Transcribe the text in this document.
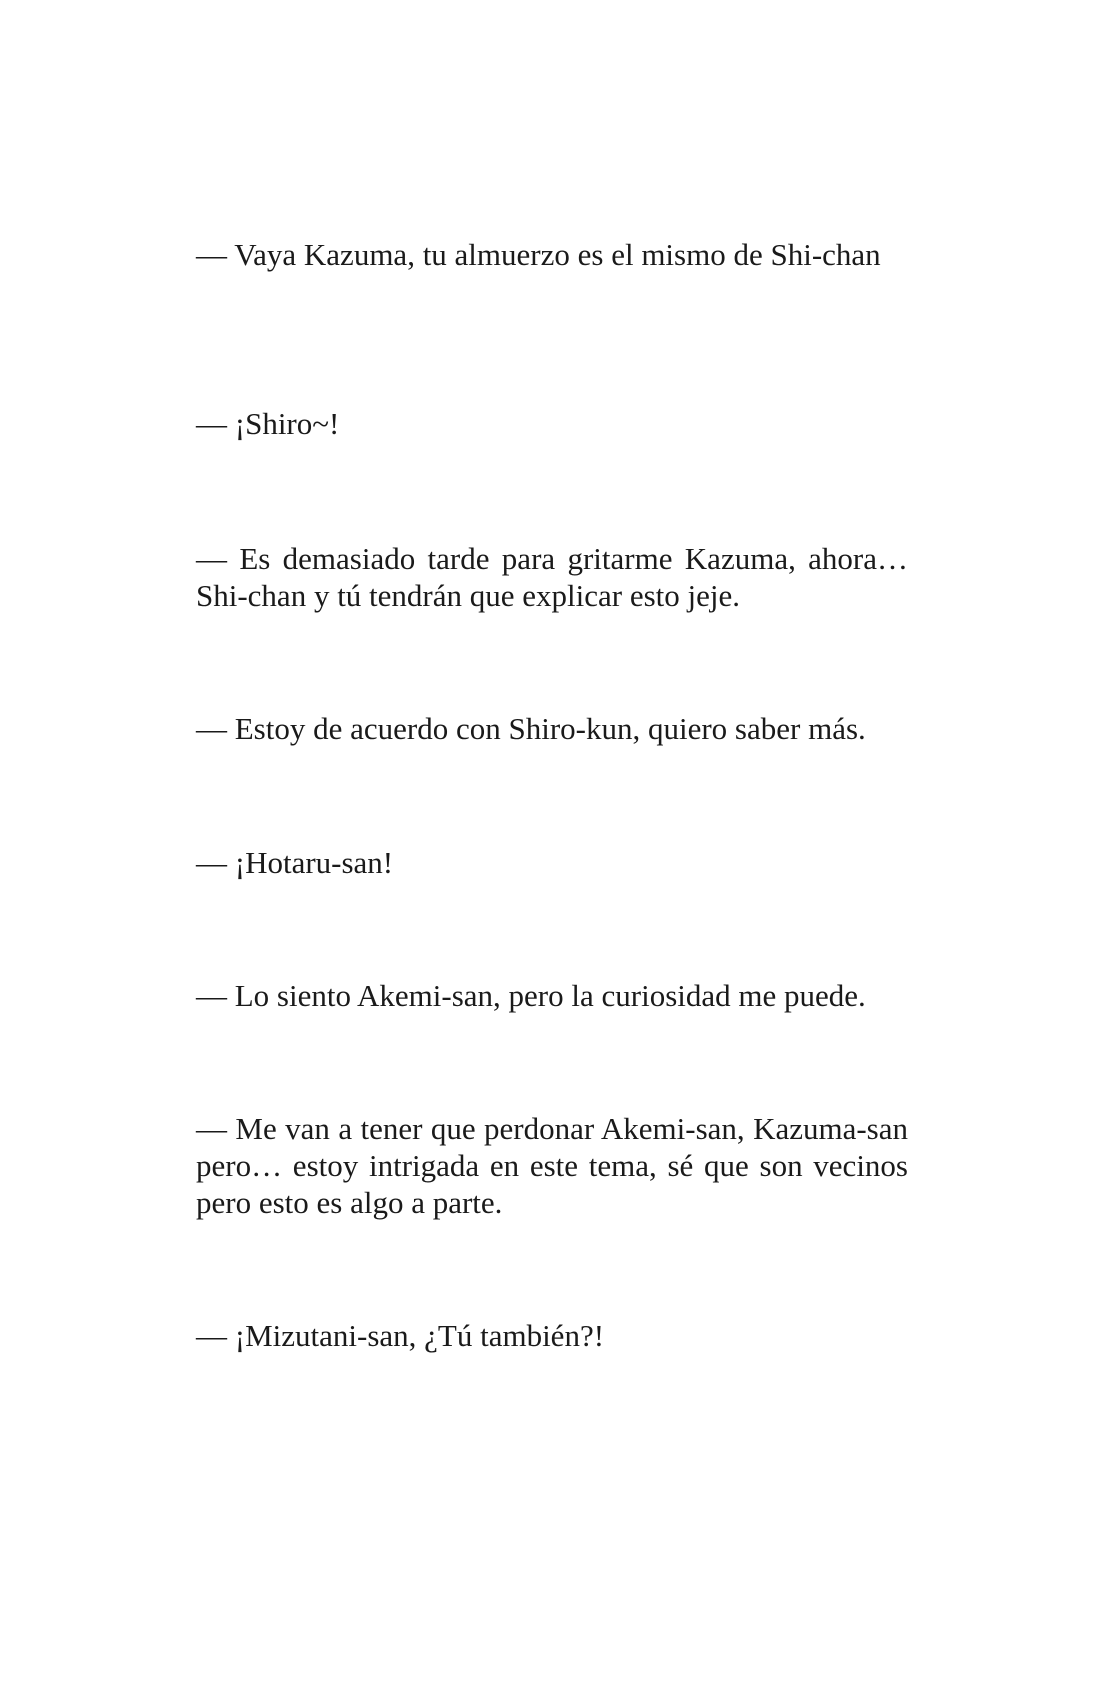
— Vaya Kazuma, tu almuerzo es el mismo de Shi-chan

— ¡Shiro~!

— Es demasiado tarde para gritarme Kazuma, ahora… Shi-chan y tú tendrán que explicar esto jeje.

— Estoy de acuerdo con Shiro-kun, quiero saber más.

— ¡Hotaru-san!

— Lo siento Akemi-san, pero la curiosidad me puede.

— Me van a tener que perdonar Akemi-san, Kazuma-san pero… estoy intrigada en este tema, sé que son vecinos pero esto es algo a parte.

— ¡Mizutani-san, ¿Tú también?!
